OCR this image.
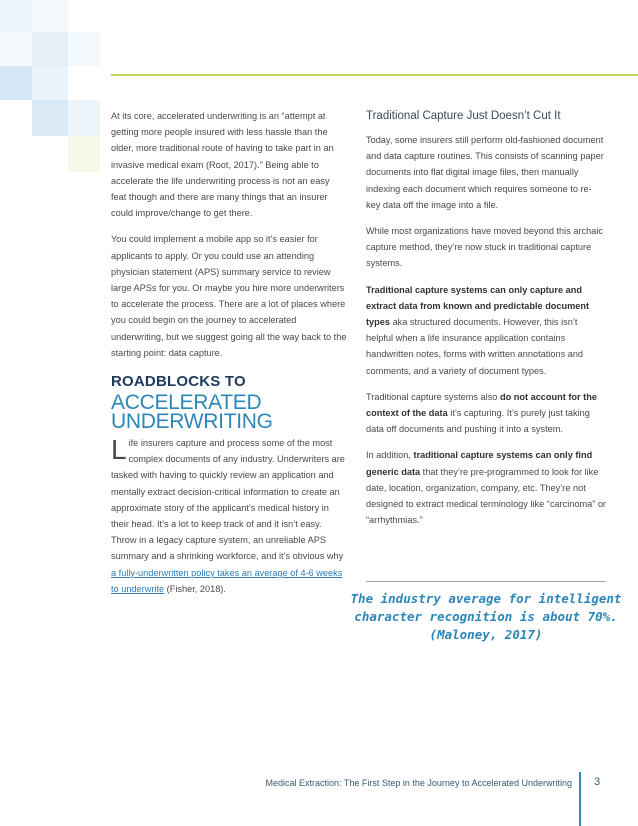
At its core, accelerated underwriting is an “attempt at getting more people insured with less hassle than the older, more traditional route of having to take part in an invasive medical exam (Root, 2017).” Being able to accelerate the life underwriting process is not an easy feat though and there are many things that an insurer could improve/change to get there.

You could implement a mobile app so it’s easier for applicants to apply. Or you could use an attending physician statement (APS) summary service to review large APSs for you. Or maybe you hire more underwriters to accelerate the process. There are a lot of places where you could begin on the journey to accelerated underwriting, but we suggest going all the way back to the starting point: data capture.

ROADBLOCKS TO
ACCELERATED
UNDERWRITING

Life insurers capture and process some of the most complex documents of any industry. Underwriters are tasked with having to quickly review an application and mentally extract decision-critical information to create an approximate story of the applicant’s medical history in their head. It’s a lot to keep track of and it isn’t easy. Throw in a legacy capture system, an unreliable APS summary and a shrinking workforce, and it’s obvious why a fully-underwritten policy takes an average of 4-6 weeks to underwrite (Fisher, 2018).

Traditional Capture Just Doesn’t Cut It

Today, some insurers still perform old-fashioned document and data capture routines. This consists of scanning paper documents into flat digital image files, then manually indexing each document which requires someone to re-key data off the image into a file.

While most organizations have moved beyond this archaic capture method, they’re now stuck in traditional capture systems.

Traditional capture systems can only capture and extract data from known and predictable document types aka structured documents. However, this isn’t helpful when a life insurance application contains handwritten notes, forms with written annotations and comments, and a variety of document types.

Traditional capture systems also do not account for the context of the data it’s capturing. It’s purely just taking data off documents and pushing it into a system.

In addition, traditional capture systems can only find generic data that they’re pre-programmed to look for like date, location, organization, company, etc. They’re not designed to extract medical terminology like “carcinoma” or “arrhythmias.”

The industry average for intelligent character recognition is about 70%. (Maloney, 2017)
Medical Extraction: The First Step in the Journey to Accelerated Underwriting 3
